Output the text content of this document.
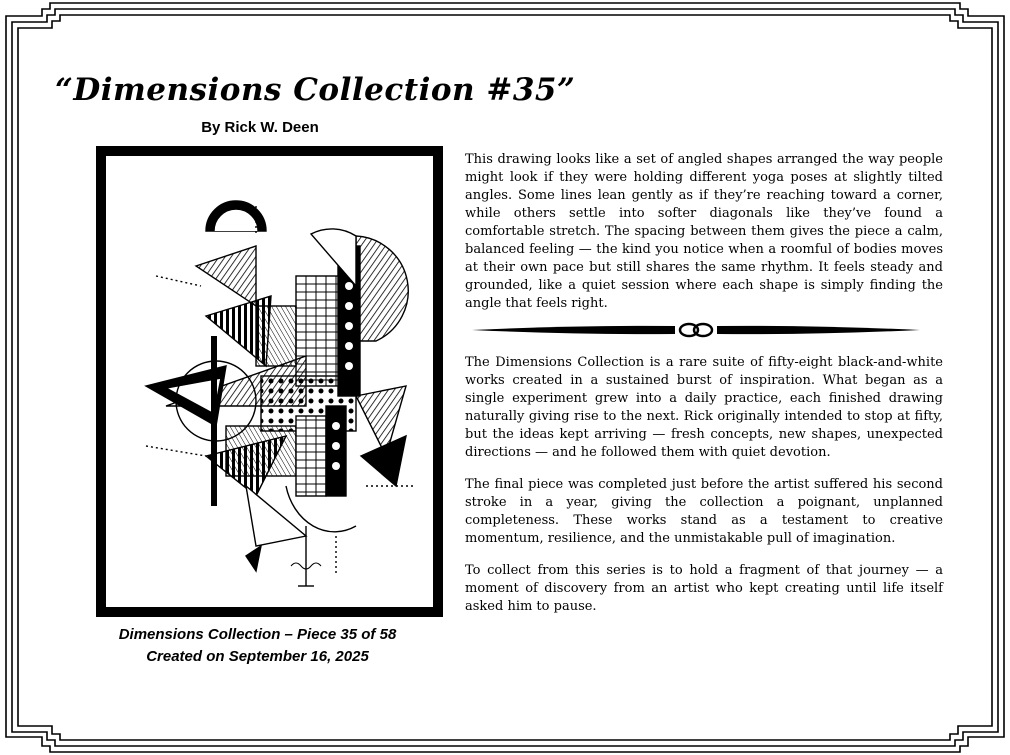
“Dimensions Collection #35”
By Rick W. Deen
Dimensions Collection – Piece 35 of 58
Created on September 16, 2025

This drawing looks like a set of angled shapes arranged the way people might look if they were holding different yoga poses at slightly tilted angles. Some lines lean gently as if they’re reaching toward a corner, while others settle into softer diagonals like they’ve found a comfortable stretch. The spacing between them gives the piece a calm, balanced feeling — the kind you notice when a roomful of bodies moves at their own pace but still shares the same rhythm. It feels steady and grounded, like a quiet session where each shape is simply finding the angle that feels right.

The Dimensions Collection is a rare suite of fifty-eight black-and-white works created in a sustained burst of inspiration. What began as a single experiment grew into a daily practice, each finished drawing naturally giving rise to the next. Rick originally intended to stop at fifty, but the ideas kept arriving — fresh concepts, new shapes, unexpected directions — and he followed them with quiet devotion.

The final piece was completed just before the artist suffered his second stroke in a year, giving the collection a poignant, unplanned completeness. These works stand as a testament to creative momentum, resilience, and the unmistakable pull of imagination.

To collect from this series is to hold a fragment of that journey — a moment of discovery from an artist who kept creating until life itself asked him to pause.
